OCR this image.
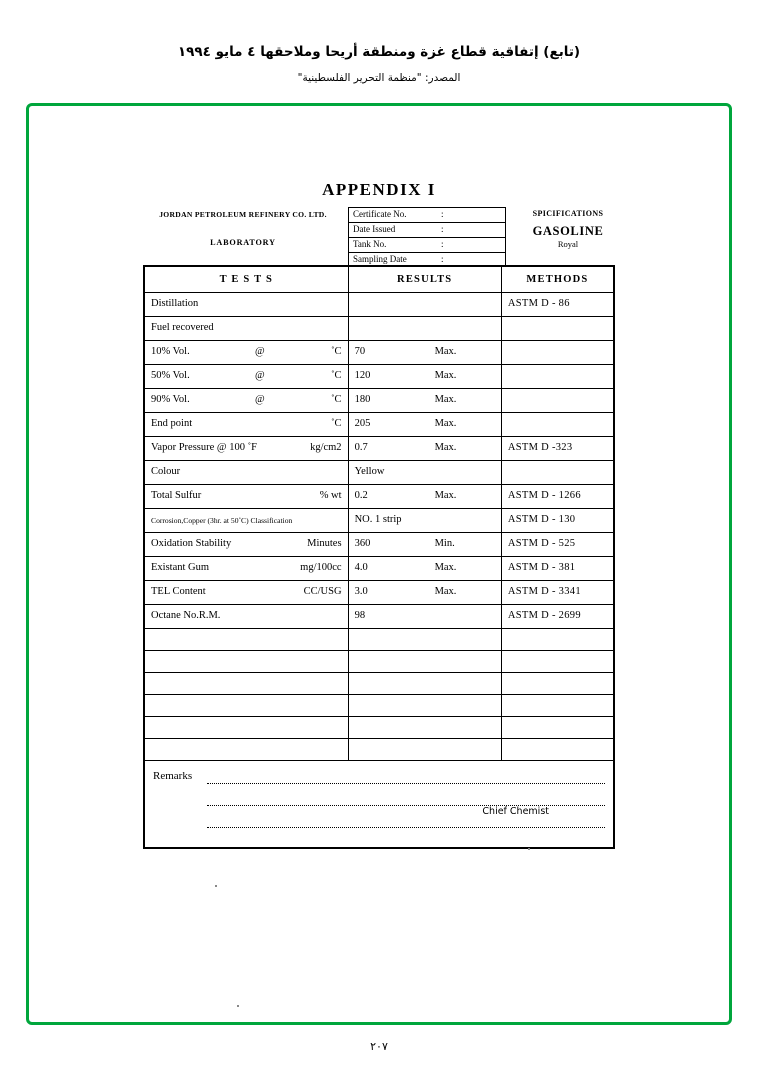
(تابع) إتفاقية قطاع غزة ومنطقة أريحا وملاحقها ٤ مايو ١٩٩٤
المصدر: "منظمة التحرير الفلسطينية"
APPENDIX I
JORDAN PETROLEUM REFINERY CO. LTD.
LABORATORY
Certificate No.	:
Date Issued	:
Tank No.	:
Sampling Date	:
SPICIFICATIONS
GASOLINE
Royal
T E S T S	RESULTS	METHODS

Distillation		ASTM D - 86

Fuel recovered		

10% Vol. @ ˚C	70 Max.	

50% Vol. @ ˚C	120 Max.	

90% Vol. @ ˚C	180 Max.	

End point ˚C	205 Max.	

Vapor Pressure @ 100 ˚F kg/cm2	0.7 Max.	ASTM D -323

Colour	Yellow	

Total Sulfur % wt	0.2 Max.	ASTM D - 1266

Corrosion,Copper (3hr. at 50˚C) Classification	NO. 1 strip	ASTM D - 130

Oxidation Stability Minutes	360 Min.	ASTM D - 525

Existant Gum mg/100cc	4.0 Max.	ASTM D - 381

TEL Content CC/USG	3.0 Max.	ASTM D - 3341

Octane No.R.M.	98	ASTM D - 2699

Remarks		
Chief Chemist
٢٠٧
